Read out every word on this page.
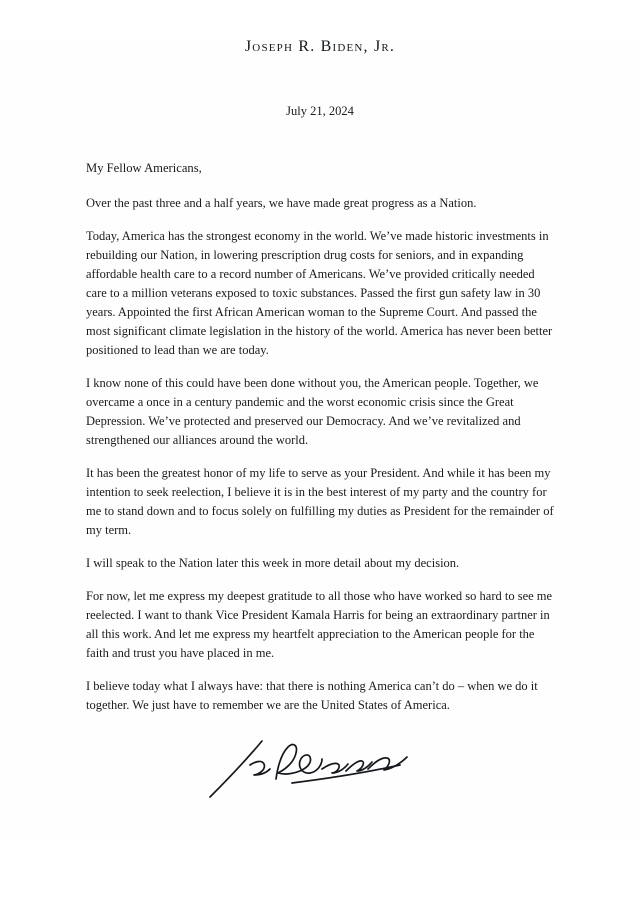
Joseph R. Biden, Jr.
July 21, 2024
My Fellow Americans,

Over the past three and a half years, we have made great progress as a Nation.

Today, America has the strongest economy in the world. We’ve made historic investments in rebuilding our Nation, in lowering prescription drug costs for seniors, and in expanding affordable health care to a record number of Americans. We’ve provided critically needed care to a million veterans exposed to toxic substances. Passed the first gun safety law in 30 years. Appointed the first African American woman to the Supreme Court. And passed the most significant climate legislation in the history of the world. America has never been better positioned to lead than we are today.

I know none of this could have been done without you, the American people. Together, we overcame a once in a century pandemic and the worst economic crisis since the Great Depression. We’ve protected and preserved our Democracy. And we’ve revitalized and strengthened our alliances around the world.

It has been the greatest honor of my life to serve as your President. And while it has been my intention to seek reelection, I believe it is in the best interest of my party and the country for me to stand down and to focus solely on fulfilling my duties as President for the remainder of my term.

I will speak to the Nation later this week in more detail about my decision.

For now, let me express my deepest gratitude to all those who have worked so hard to see me reelected. I want to thank Vice President Kamala Harris for being an extraordinary partner in all this work. And let me express my heartfelt appreciation to the American people for the faith and trust you have placed in me.

I believe today what I always have: that there is nothing America can’t do – when we do it together. We just have to remember we are the United States of America.
